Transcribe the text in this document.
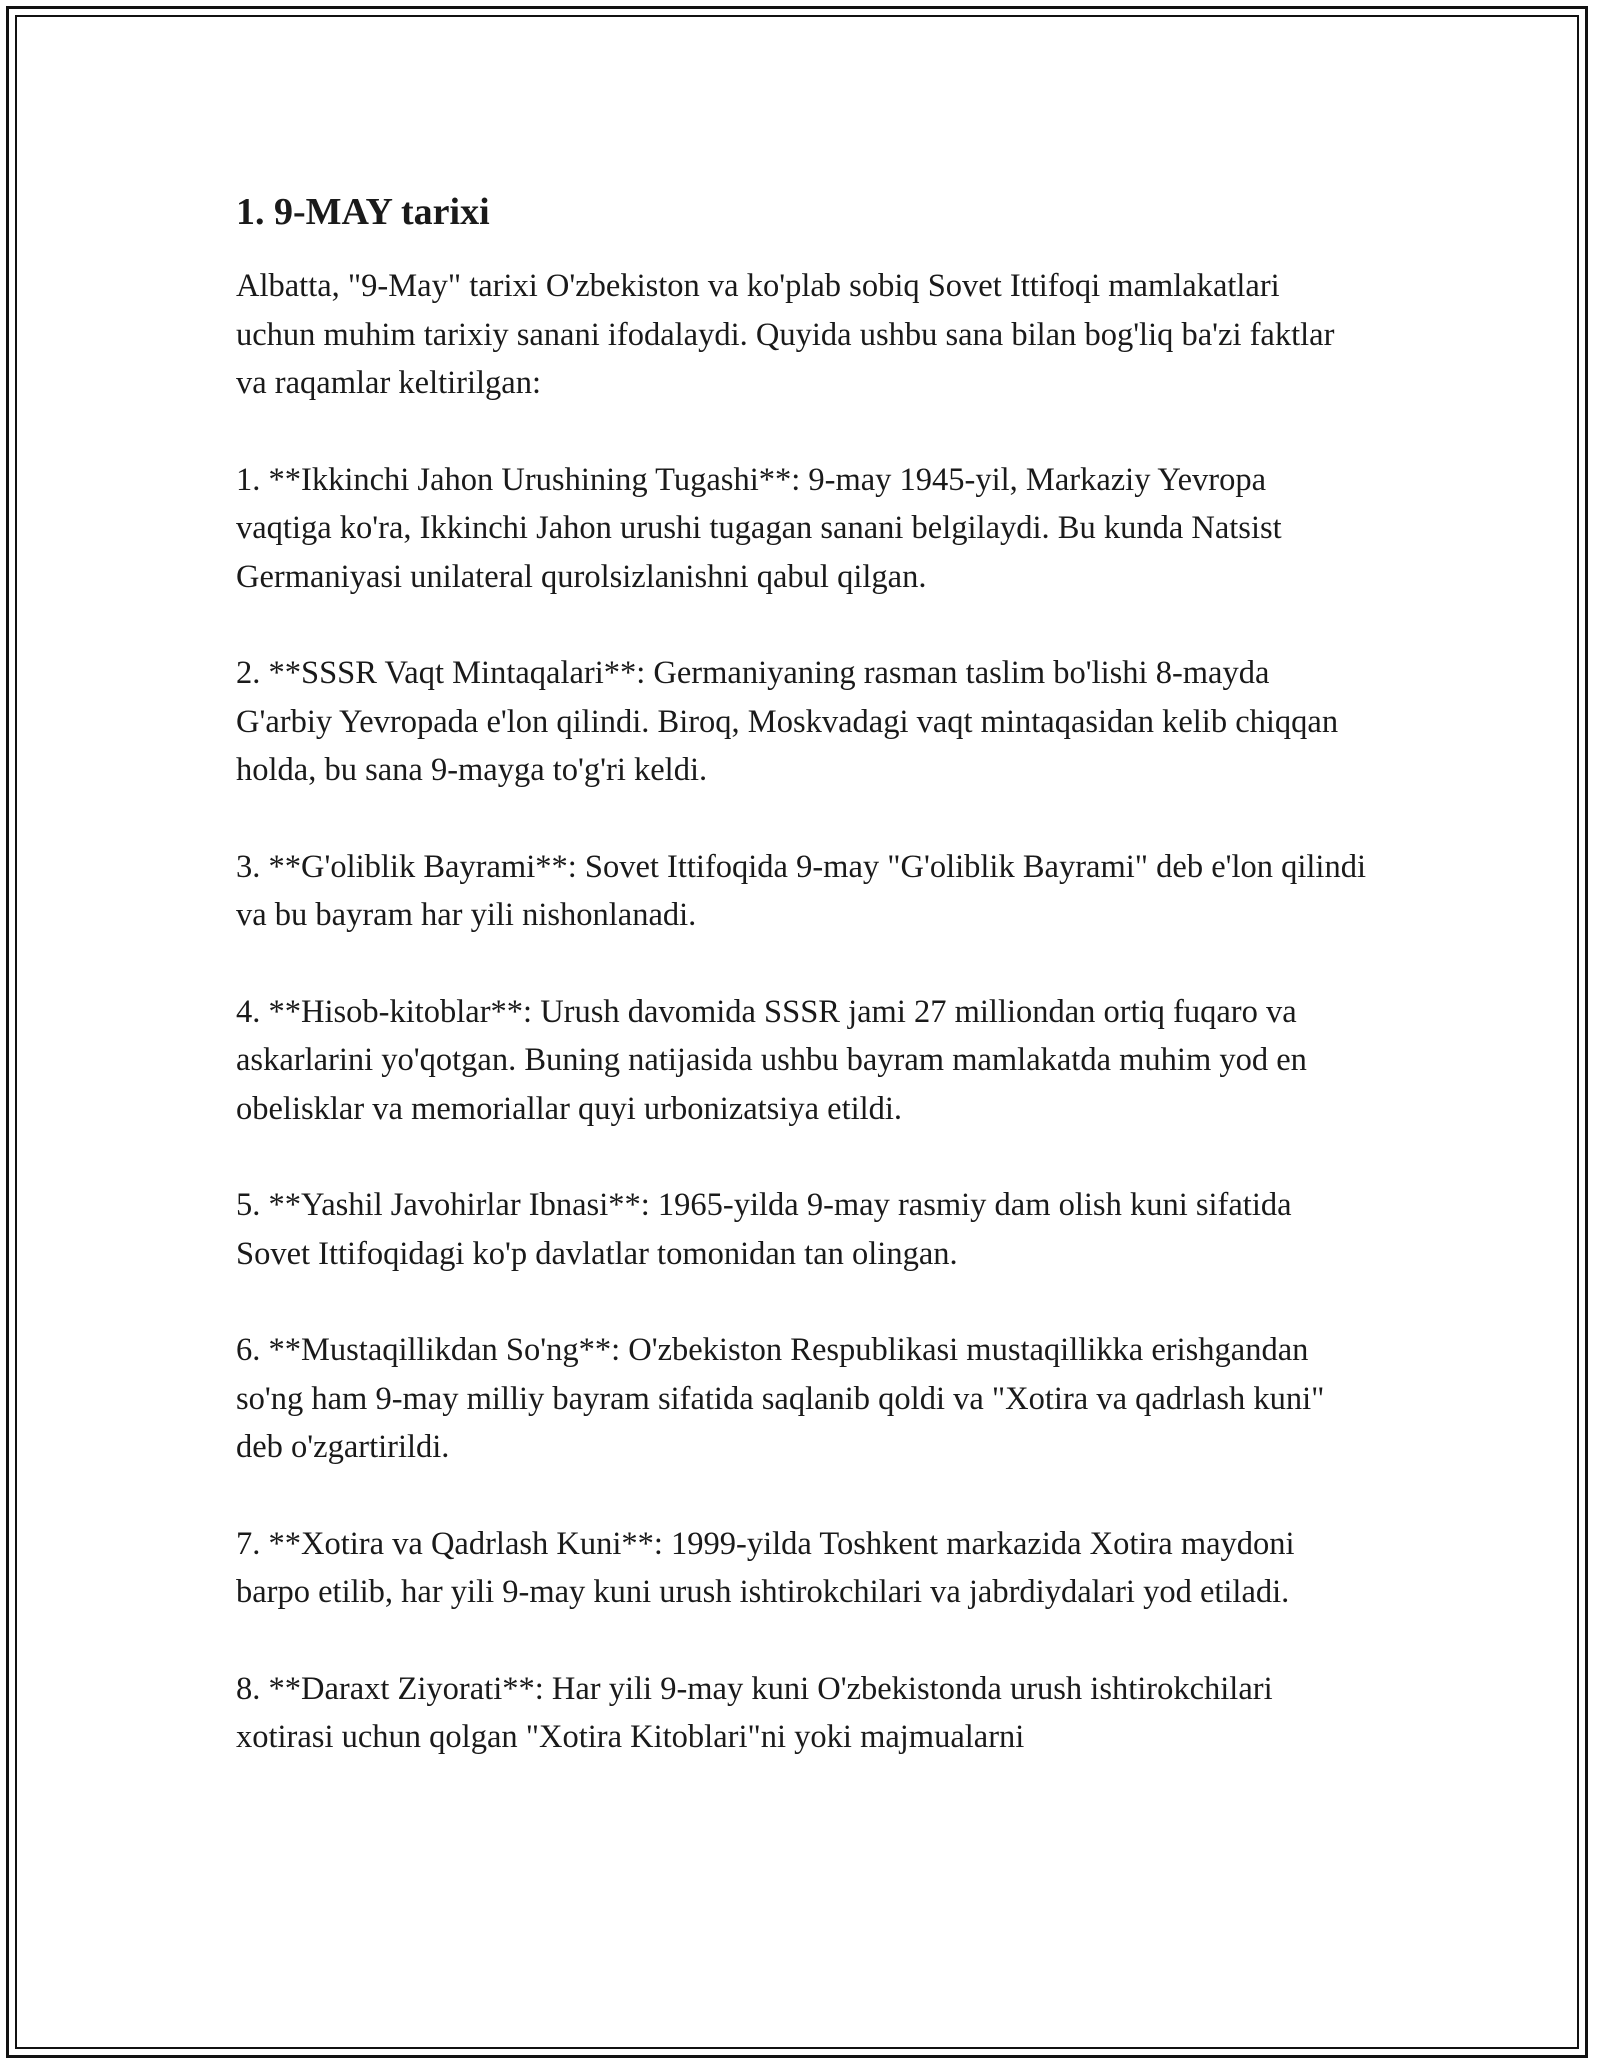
1. 9-MAY tarixi

Albatta, "9-May" tarixi O'zbekiston va ko'plab sobiq Sovet Ittifoqi mamlakatlari uchun muhim tarixiy sanani ifodalaydi. Quyida ushbu sana bilan bog'liq ba'zi faktlar va raqamlar keltirilgan:

1. **Ikkinchi Jahon Urushining Tugashi**: 9-may 1945-yil, Markaziy Yevropa vaqtiga ko'ra, Ikkinchi Jahon urushi tugagan sanani belgilaydi. Bu kunda Natsist Germaniyasi unilateral qurolsizlanishni qabul qilgan.

2. **SSSR Vaqt Mintaqalari**: Germaniyaning rasman taslim bo'lishi 8-mayda G'arbiy Yevropada e'lon qilindi. Biroq, Moskvadagi vaqt mintaqasidan kelib chiqqan holda, bu sana 9-mayga to'g'ri keldi.

3. **G'oliblik Bayrami**: Sovet Ittifoqida 9-may "G'oliblik Bayrami" deb e'lon qilindi va bu bayram har yili nishonlanadi.

4. **Hisob-kitoblar**: Urush davomida SSSR jami 27 milliondan ortiq fuqaro va askarlarini yo'qotgan. Buning natijasida ushbu bayram mamlakatda muhim yod en obelisklar va memoriallar quyi urbonizatsiya etildi.

5. **Yashil Javohirlar Ibnasi**: 1965-yilda 9-may rasmiy dam olish kuni sifatida Sovet Ittifoqidagi ko'p davlatlar tomonidan tan olingan.

6. **Mustaqillikdan So'ng**: O'zbekiston Respublikasi mustaqillikka erishgandan so'ng ham 9-may milliy bayram sifatida saqlanib qoldi va "Xotira va qadrlash kuni" deb o'zgartirildi.

7. **Xotira va Qadrlash Kuni**: 1999-yilda Toshkent markazida Xotira maydoni barpo etilib, har yili 9-may kuni urush ishtirokchilari va jabrdiydalari yod etiladi.

8. **Daraxt Ziyorati**: Har yili 9-may kuni O'zbekistonda urush ishtirokchilari xotirasi uchun qolgan "Xotira Kitoblari"ni yoki majmualarni
